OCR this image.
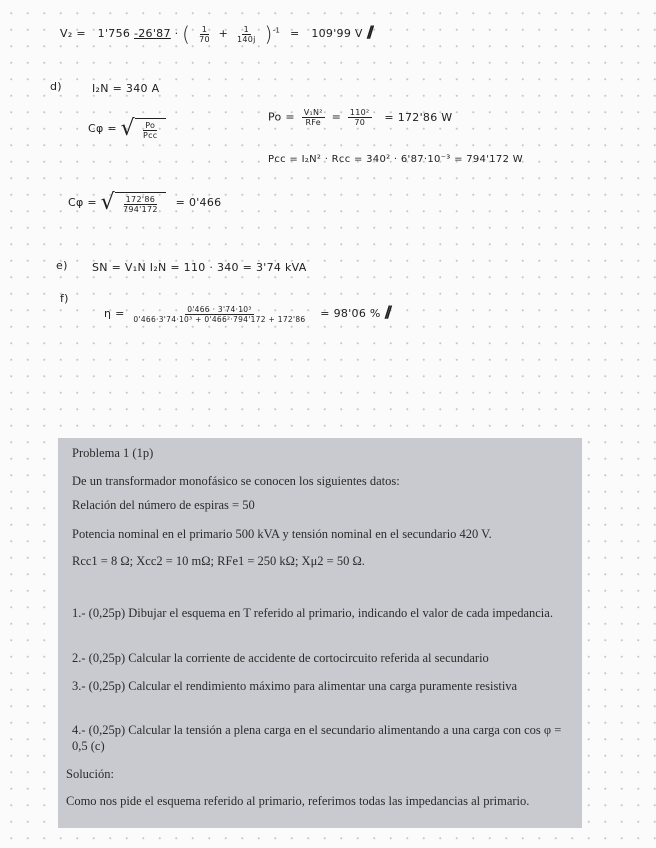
V₂ = 1'756 -26'87 · ( $\frac{1}{70} + \frac{1}{140j} )^{-1} = 109'99$ V //
d)	I₂N = 340 A
Cφ = √ $\frac{Po}{\text{Pcc}}$
$Po = \frac{\text{V₁N²}}{\text{RFe}} = \frac{\text{110²}}{70} = 172'86$ W
Pcc = I₂N² · Rcc = 340² · 6'87·10⁻³ = 794'172 W
Cφ = √ $\frac{172'86}{794'172} = 0'466$
e) SN = V₁N I₂N = 110 · 340 = 3'74 kVA
f)
$\eta = \frac{\text{0'466 · 3'74·10³}}{\text{0'466·3'74·10³ + 0'466²·794'172 + 172'86}} = 98'06$ % //

Problema 1 (1p)

De un transformador monofásico se conocen los siguientes datos:

Relación del número de espiras = 50

Potencia nominal en el primario 500 kVA y tensión nominal en el secundario 420 V.

Rcc1 = 8 Ω; Xcc2 = 10 mΩ; RFe1 = 250 kΩ; Xμ2 = 50 Ω.

1.- (0,25p) Dibujar el esquema en T referido al primario, indicando el valor de cada impedancia.

2.- (0,25p) Calcular la corriente de accidente de cortocircuito referida al secundario

3.- (0,25p) Calcular el rendimiento máximo para alimentar una carga puramente resistiva

4.- (0,25p) Calcular la tensión a plena carga en el secundario alimentando a una carga con cos φ = 0,5 (c)

Solución:

Como nos pide el esquema referido al primario, referimos todas las impedancias al primario.
